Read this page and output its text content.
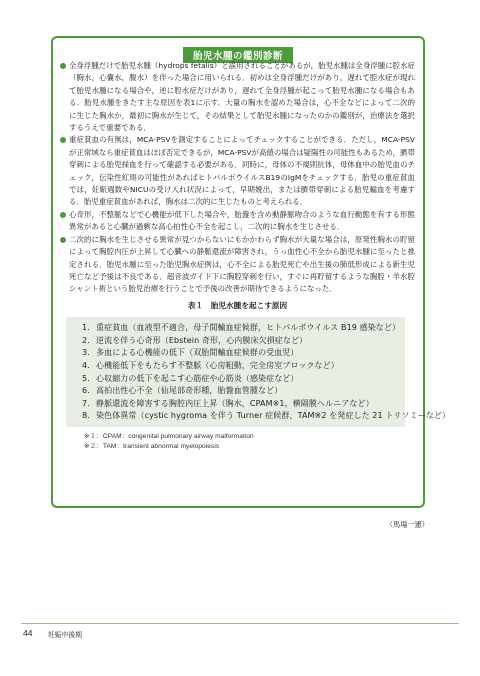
胎児水腫の鑑別診断
全身浮腫だけで胎児水腫（hydrops fetalis）と誤用されることがあるが，胎児水腫は全身浮腫に腔水症（胸水，心嚢水，腹水）を伴った場合に用いられる．初めは全身浮腫だけがあり，遅れて腔水症が現れて胎児水腫になる場合や，逆に腔水症だけがあり，遅れて全身浮腫が起こって胎児水腫になる場合もある．胎児水腫をきたす主な原因を表1に示す．大量の胸水を認めた場合は，心不全などによって二次的に生じた胸水か，最初に胸水が生じて，その結果として胎児水腫になったのかの鑑別が，治療法を選択するうえで重要である．
重症貧血の有無は，MCA-PSVを測定することによってチェックすることができる．ただし，MCA-PSVが正常域なら重症貧血はほぼ否定できるが，MCA-PSVが高値の場合は疑陽性の可能性もあるため，臍帯穿刺による胎児採血を行って確認する必要がある．同時に，母体の不規則抗体，母体血中の胎児血のチェック，伝染性紅斑の可能性があればヒトパルボウイルスB19のIgMをチェックする．胎児の重症貧血では，妊娠週数やNICUの受け入れ状況によって，早期娩出，または臍帯穿刺による胎児輸血を考慮する．胎児重症貧血があれば，胸水は二次的に生じたものと考えられる．
心奇形，不整脈などで心機能が低下した場合や，胎盤を含め動静脈吻合のような血行動態を有する形態異常があると心臓が過剰な高心拍性心不全を起こし，二次的に胸水を生じさせる．
二次的に胸水を生じさせる異常が見つからないにもかかわらず胸水が大量な場合は，原発性胸水の貯留によって胸腔内圧が上昇して心臓への静脈還流が障害され，うっ血性心不全から胎児水腫に至ったと推定される．胎児水腫に至った胎児胸水症例は，心不全による胎児死亡や出生後の肺低形成による新生児死亡など予後は不良である．超音波ガイド下に胸腔穿刺を行い，すぐに再貯留するような胸腔・羊水腔シャント術という胎児治療を行うことで予後の改善が期待できるようになった．
表１　胎児水腫を起こす原因
1．重症貧血（血液型不適合，母子間輸血症候群，ヒトパルボウイルス B19 感染など）
2．逆流を伴う心奇形（Ebstein 奇形，心内膜床欠損症など）
3．多血による心機能の低下（双胎間輸血症候群の受血児）
4．心機能低下をもたらす不整脈（心房粗動，完全房室ブロックなど）
5．心収縮力の低下を起こす心筋症や心筋炎（感染症など）
6．高拍出性心不全（仙尾部奇形種，胎盤血管腫など）
7．静脈還流を障害する胸腔内圧上昇（胸水，CPAM※1，横隔膜ヘルニアなど）
8．染色体異常（cystic hygroma を伴う Turner 症候群，TAM※2 を発症した 21 トリソミーなど）
※１：CPAM：congenital pulmonary airway malformation
※２：TAM：transient abnormal myelopoiesis
（馬場一憲）
44 妊娠中後期
